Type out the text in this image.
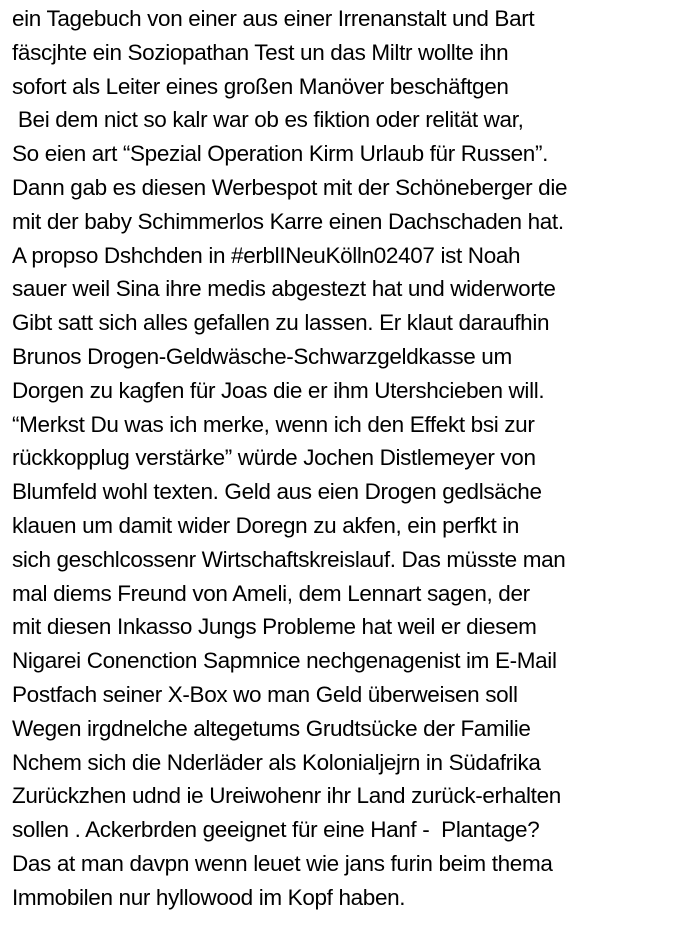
ein Tagebuch von einer aus einer Irrenanstalt und Bart
fäscjhte ein Soziopathan Test un das Miltr wollte ihn
sofort als Leiter eines großen Manöver beschäftgen
Bei dem nict so kalr war ob es fiktion oder relität war,
So eien art “Spezial Operation Kirm Urlaub für Russen”.
Dann gab es diesen Werbespot mit der Schöneberger die
mit der baby Schimmerlos Karre einen Dachschaden hat.
A propso Dshchden in #erblINeuKölln02407 ist Noah
sauer weil Sina ihre medis abgestezt hat und widerworte
Gibt satt sich alles gefallen zu lassen. Er klaut daraufhin
Brunos Drogen-Geldwäsche-Schwarzgeldkasse um
Dorgen zu kagfen für Joas die er ihm Utershcieben will.
“Merkst Du was ich merke, wenn ich den Effekt bsi zur
rückkopplug verstärke” würde Jochen Distlemeyer von
Blumfeld wohl texten. Geld aus eien Drogen gedlsäche
klauen um damit wider Doregn zu akfen, ein perfkt in
sich geschlcossenr Wirtschaftskreislauf. Das müsste man
mal diems Freund von Ameli, dem Lennart sagen, der
mit diesen Inkasso Jungs Probleme hat weil er diesem
Nigarei Conenction Sapmnice nechgenagenist im E-Mail
Postfach seiner X-Box wo man Geld überweisen soll
Wegen irgdnelche altegetums Grudtsücke der Familie
Nchem sich die Nderläder als Kolonialjejrn in Südafrika
Zurückzhen udnd ie Ureiwohenr ihr Land zurück-erhalten
sollen . Ackerbrden geeignet für eine Hanf -  Plantage?
Das at man davpn wenn leuet wie jans furin beim thema
Immobilen nur hyllowood im Kopf haben.
